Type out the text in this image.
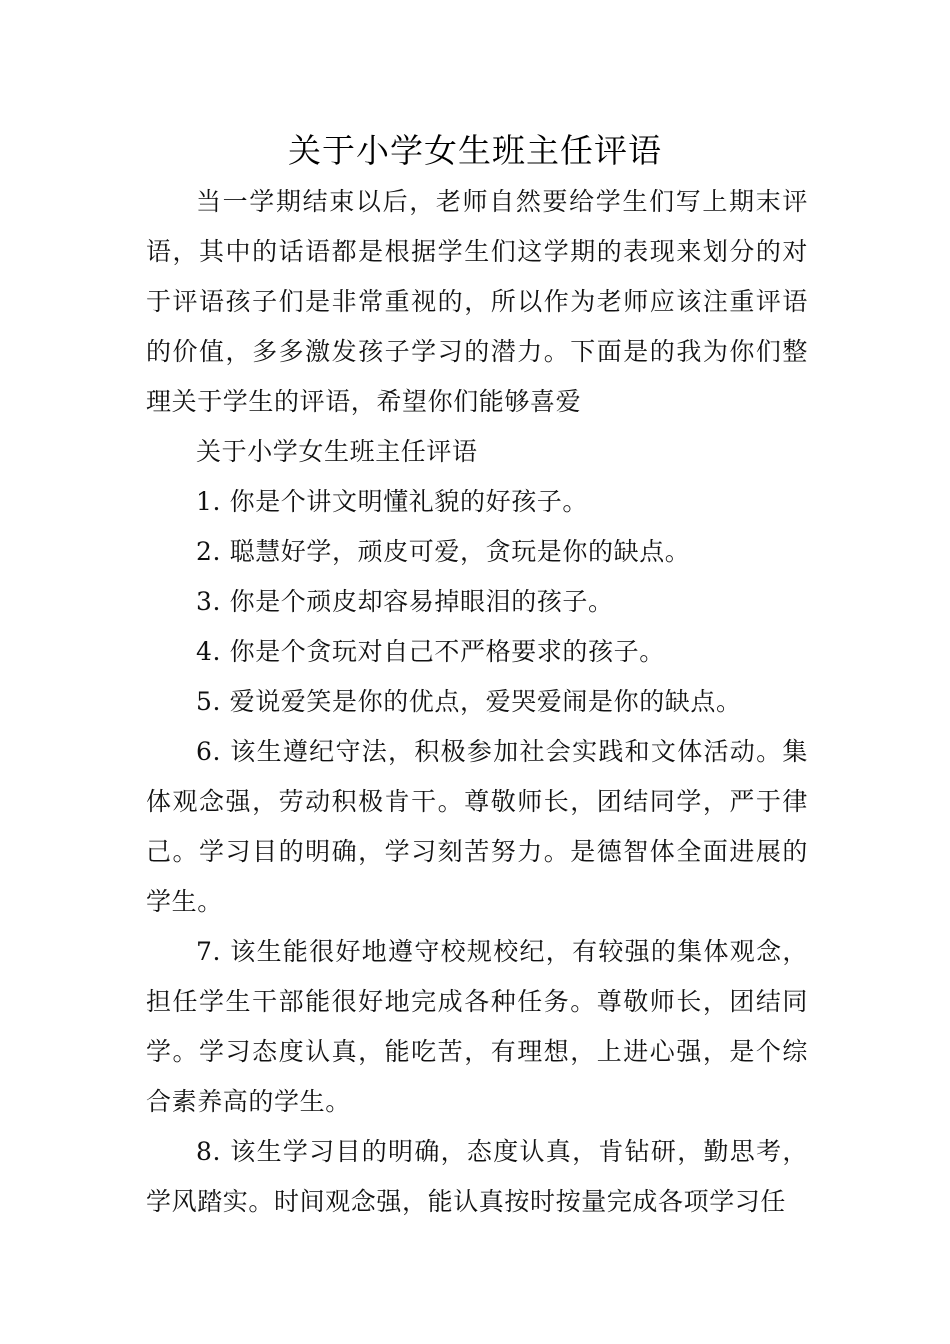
关于小学女生班主任评语

当一学期结束以后，老师自然要给学生们写上期末评语，其中的话语都是根据学生们这学期的表现来划分的对于评语孩子们是非常重视的，所以作为老师应该注重评语的价值，多多激发孩子学习的潜力。下面是的我为你们整理关于学生的评语，希望你们能够喜爱

关于小学女生班主任评语

1. 你是个讲文明懂礼貌的好孩子。

2. 聪慧好学，顽皮可爱，贪玩是你的缺点。

3. 你是个顽皮却容易掉眼泪的孩子。

4. 你是个贪玩对自己不严格要求的孩子。

5. 爱说爱笑是你的优点，爱哭爱闹是你的缺点。

6. 该生遵纪守法，积极参加社会实践和文体活动。集体观念强，劳动积极肯干。尊敬师长，团结同学，严于律己。学习目的明确，学习刻苦努力。是德智体全面进展的学生。

7. 该生能很好地遵守校规校纪，有较强的集体观念，担任学生干部能很好地完成各种任务。尊敬师长，团结同学。学习态度认真，能吃苦，有理想，上进心强，是个综合素养高的学生。

8. 该生学习目的明确，态度认真，肯钻研，勤思考，学风踏实。时间观念强，能认真按时按量完成各项学习任
